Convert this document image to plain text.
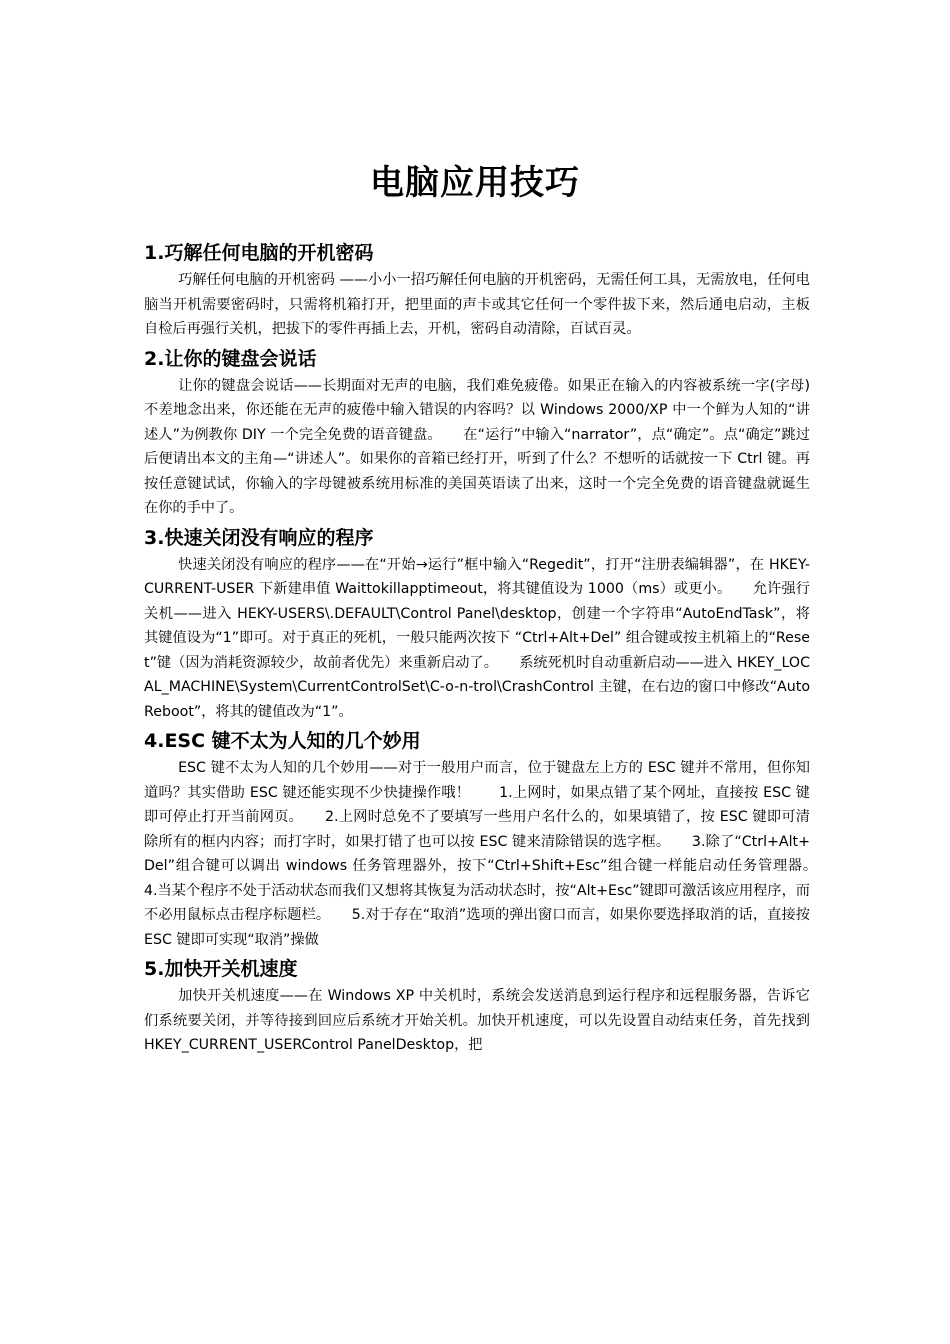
电脑应用技巧
1.巧解任何电脑的开机密码

巧解任何电脑的开机密码 ——小小一招巧解任何电脑的开机密码，无需任何工具，无需放电，任何电脑当开机需要密码时，只需将机箱打开，把里面的声卡或其它任何一个零件拔下来，然后通电启动，主板自检后再强行关机，把拔下的零件再插上去，开机，密码自动清除，百试百灵。

2.让你的键盘会说话

让你的键盘会说话——长期面对无声的电脑，我们难免疲倦。如果正在输入的内容被系统一字(字母)不差地念出来，你还能在无声的疲倦中输入错误的内容吗？以 Windows 2000/XP 中一个鲜为人知的“讲述人”为例教你 DIY 一个完全免费的语音键盘。　　在“运行”中输入“narrator”，点“确定”。点“确定”跳过后便请出本文的主角—“讲述人”。如果你的音箱已经打开，听到了什么？不想听的话就按一下 Ctrl 键。再按任意键试试，你输入的字母键被系统用标准的美国英语读了出来，这时一个完全免费的语音键盘就诞生在你的手中了。

3.快速关闭没有响应的程序

快速关闭没有响应的程序——在“开始→运行”框中输入“Regedit”，打开“注册表编辑器”，在 HKEY-CURRENT-USER 下新建串值 Waittokillapptimeout，将其键值设为 1000（ms）或更小。　　允许强行关机——进入 HEKY-USERS\.DEFAULT\Control Panel\desktop，创建一个字符串“AutoEndTask”，将其键值设为“1”即可。对于真正的死机，一般只能两次按下 “Ctrl+Alt+Del” 组合键或按主机箱上的“Reset”键（因为消耗资源较少，故前者优先）来重新启动了。　　系统死机时自动重新启动——进入 HKEY_LOCAL_MACHINE\System\CurrentControlSet\C-o-n-trol\CrashControl 主键，在右边的窗口中修改“AutoReboot”，将其的键值改为“1”。

4.ESC 键不太为人知的几个妙用

ESC 键不太为人知的几个妙用——对于一般用户而言，位于键盘左上方的 ESC 键并不常用，但你知道吗？其实借助 ESC 键还能实现不少快捷操作哦！　　1.上网时，如果点错了某个网址，直接按 ESC 键即可停止打开当前网页。　　2.上网时总免不了要填写一些用户名什么的，如果填错了，按 ESC 键即可清除所有的框内内容；而打字时，如果打错了也可以按 ESC 键来清除错误的选字框。　　3.除了“Ctrl+Alt+Del”组合键可以调出 windows 任务管理器外，按下“Ctrl+Shift+Esc”组合键一样能启动任务管理器。　　4.当某个程序不处于活动状态而我们又想将其恢复为活动状态时，按“Alt+Esc”键即可激活该应用程序，而不必用鼠标点击程序标题栏。　　5.对于存在“取消”选项的弹出窗口而言，如果你要选择取消的话，直接按 ESC 键即可实现“取消”操做

5.加快开关机速度

加快开关机速度——在 Windows XP 中关机时，系统会发送消息到运行程序和远程服务器，告诉它们系统要关闭，并等待接到回应后系统才开始关机。加快开机速度，可以先设置自动结束任务，首先找到 HKEY_CURRENT_USERControl PanelDesktop，把
